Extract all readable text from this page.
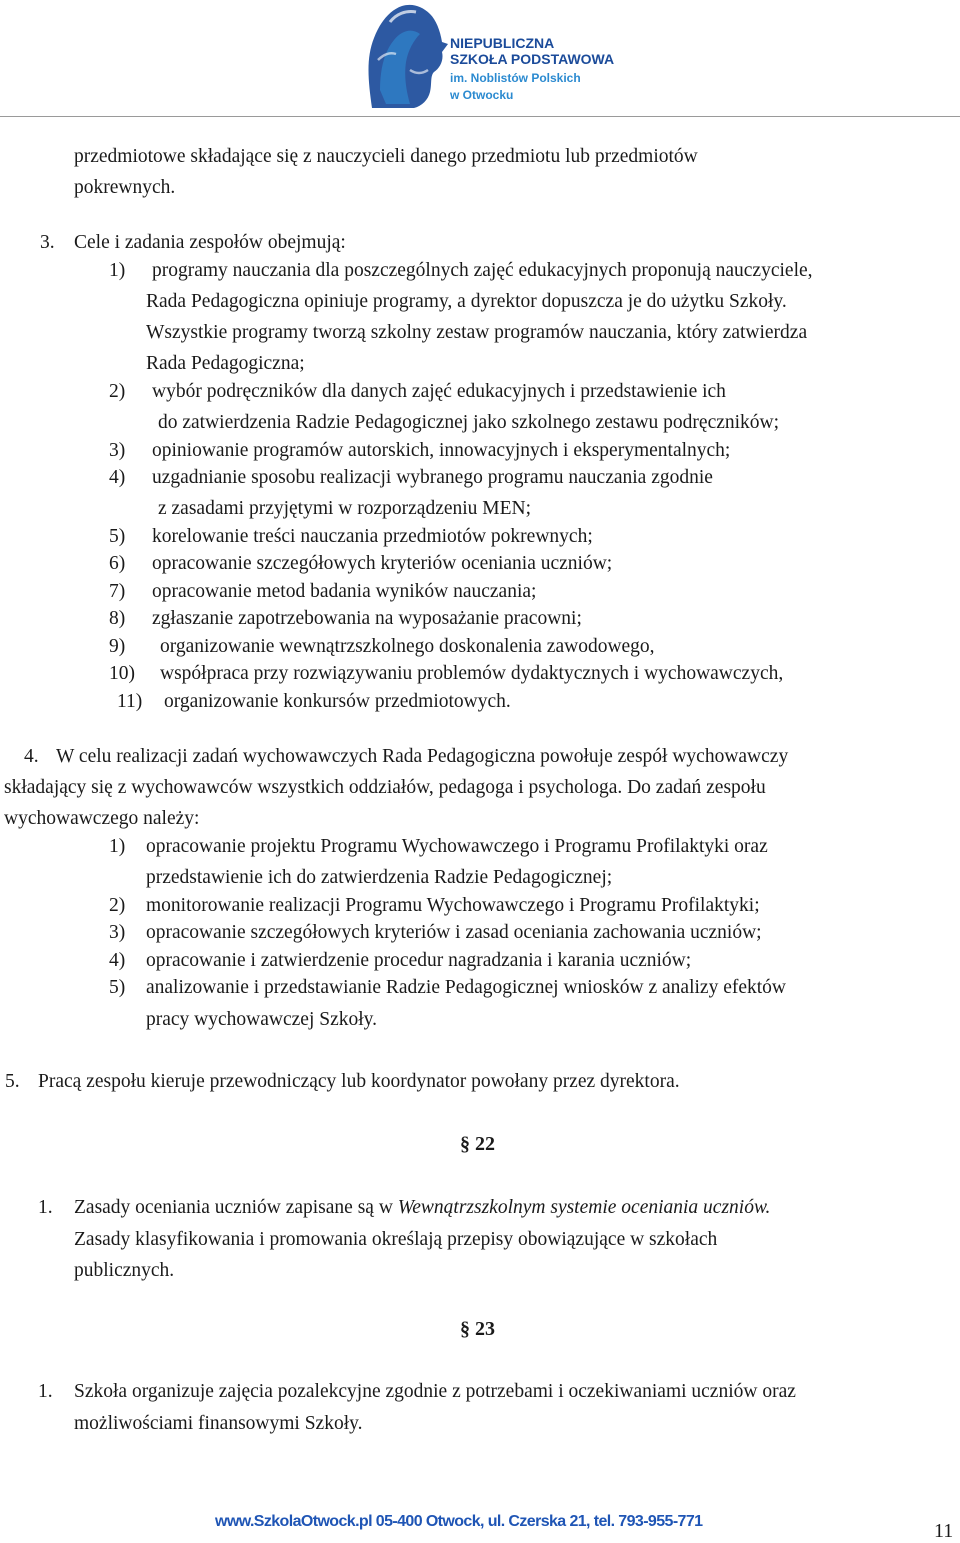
NIEPUBLICZNA
SZKOŁA PODSTAWOWA
im. Noblistów Polskich
w Otwocku
przedmiotowe składające się z nauczycieli danego przedmiotu lub przedmiotów
pokrewnych.
3. Cele i zadania zespołów obejmują:
1) programy nauczania dla poszczególnych zajęć edukacyjnych proponują nauczyciele,
Rada Pedagogiczna opiniuje programy, a dyrektor dopuszcza je do użytku Szkoły.
Wszystkie programy tworzą szkolny zestaw programów nauczania, który zatwierdza
Rada Pedagogiczna;
2) wybór podręczników dla danych zajęć edukacyjnych i przedstawienie ich
do zatwierdzenia Radzie Pedagogicznej jako szkolnego zestawu podręczników;
3) opiniowanie programów autorskich, innowacyjnych i eksperymentalnych;
4) uzgadnianie sposobu realizacji wybranego programu nauczania zgodnie
z zasadami przyjętymi w rozporządzeniu MEN;
5) korelowanie treści nauczania przedmiotów pokrewnych;
6) opracowanie szczegółowych kryteriów oceniania uczniów;
7) opracowanie metod badania wyników nauczania;
8) zgłaszanie zapotrzebowania na wyposażanie pracowni;
9) organizowanie wewnątrzszkolnego doskonalenia zawodowego,
10) współpraca przy rozwiązywaniu problemów dydaktycznych i wychowawczych,
11) organizowanie konkursów przedmiotowych.
4. W celu realizacji zadań wychowawczych Rada Pedagogiczna powołuje zespół wychowawczy
składający się z wychowawców wszystkich oddziałów, pedagoga i psychologa. Do zadań zespołu
wychowawczego należy:
1) opracowanie projektu Programu Wychowawczego i Programu Profilaktyki oraz
przedstawienie ich do zatwierdzenia Radzie Pedagogicznej;
2) monitorowanie realizacji Programu Wychowawczego i Programu Profilaktyki;
3) opracowanie szczegółowych kryteriów i zasad oceniania zachowania uczniów;
4) opracowanie i zatwierdzenie procedur nagradzania i karania uczniów;
5) analizowanie i przedstawianie Radzie Pedagogicznej wniosków z analizy efektów
pracy wychowawczej Szkoły.
5. Pracą zespołu kieruje przewodniczący lub koordynator powołany przez dyrektora.
§ 22
1. Zasady oceniania uczniów zapisane są w Wewnątrzszkolnym systemie oceniania uczniów.
Zasady klasyfikowania i promowania określają przepisy obowiązujące w szkołach
publicznych.
§ 23
1. Szkoła organizuje zajęcia pozalekcyjne zgodnie z potrzebami i oczekiwaniami uczniów oraz
możliwościami finansowymi Szkoły.
www.SzkolaOtwock.pl 05-400 Otwock, ul. Czerska 21, tel. 793-955-771	11
